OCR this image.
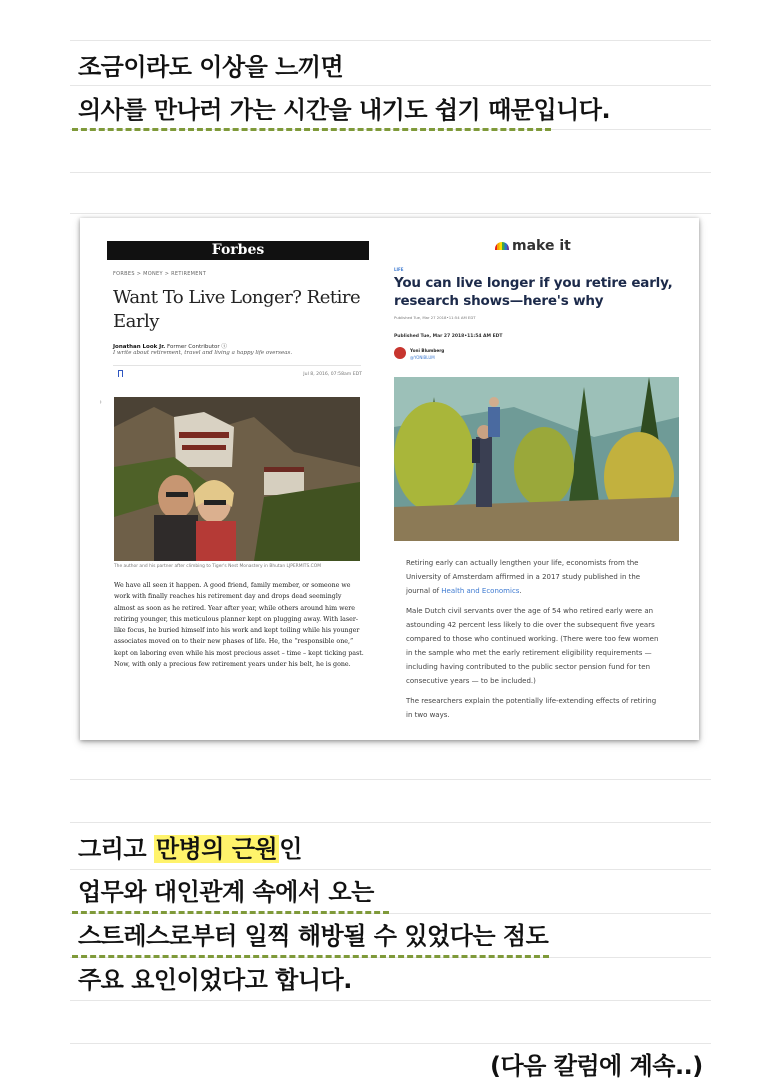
조금이라도 이상을 느끼면
의사를 만나러 가는 시간을 내기도 쉽기 때문입니다.
⁾
Forbes
FORBES > MONEY > RETIREMENT
Want To Live Longer? Retire Early
Jonathan Look Jr. Former Contributor ⓘ
I write about retirement, travel and living a happy life overseas.
Jul 8, 2016, 07:58am EDT
The author and his partner after climbing to Tiger's Nest Monastery in Bhutan LJPERMITS.COM
We have all seen it happen. A good friend, family member, or someone we work with finally reaches his retirement day and drops dead seemingly almost as soon as he retired. Year after year, while others around him were retiring younger, this meticulous planner kept on plugging away. With laser-like focus, he buried himself into his work and kept toiling while his younger associates moved on to their new phases of life. He, the “responsible one,” kept on laboring even while his most precious asset – time – kept ticking past. Now, with only a precious few retirement years under his belt, he is gone.
make it
LIFE
You can live longer if you retire early, research shows—here's why
Published Tue, Mar 27 2018•11:54 AM EDT
Published Tue, Mar 27 2018•11:54 AM EDT
Yoni Blumberg
@YONIBLUM

Retiring early can actually lengthen your life, economists from the University of Amsterdam affirmed in a 2017 study published in the journal of Health and Economics.

Male Dutch civil servants over the age of 54 who retired early were an astounding 42 percent less likely to die over the subsequent five years compared to those who continued working. (There were too few women in the sample who met the early retirement eligibility requirements — including having contributed to the public sector pension fund for ten consecutive years — to be included.)

The researchers explain the potentially life-extending effects of retiring in two ways.

그리고 만병의 근원인
업무와 대인관계 속에서 오는
스트레스로부터 일찍 해방될 수 있었다는 점도
주요 요인이었다고 합니다.
(다음 칼럼에 계속..)
